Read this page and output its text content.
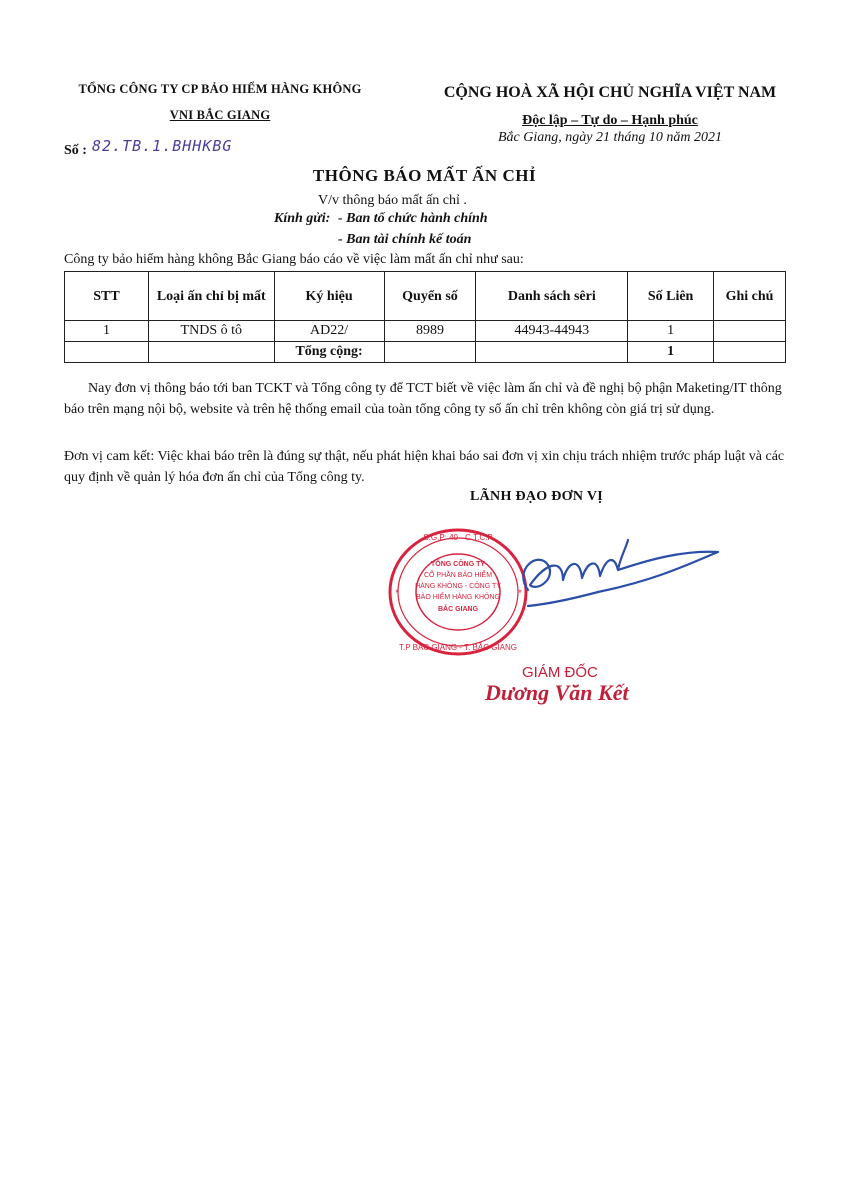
TỔNG CÔNG TY CP BẢO HIỂM HÀNG KHÔNG
VNI BẮC GIANG
Số : 82.TB.1.BHHKBG
CỘNG HOÀ XÃ HỘI CHỦ NGHĨA VIỆT NAM
Độc lập – Tự do – Hạnh phúc
Bắc Giang, ngày 21 tháng 10 năm 2021
THÔNG BÁO MẤT ẤN CHỈ
V/v thông báo mất ấn chỉ .
Kính gửi: - Ban tổ chức hành chính
- Ban tài chính kế toán
Công ty bảo hiểm hàng không Bắc Giang báo cáo về việc làm mất ấn chỉ như sau:
STT	Loại ấn chỉ bị mất	Ký hiệu	Quyển số	Danh sách sêri	Số Liên	Ghi chú
1	TNDS ô tô	AD22/	8989	44943-44943	1	
		Tổng cộng:			1	
Nay đơn vị thông báo tới ban TCKT và Tổng công ty để TCT biết về việc làm ấn chỉ và đề nghị bộ phận Maketing/IT thông báo trên mạng nội bộ, website và trên hệ thống email của toàn tổng công ty số ấn chỉ trên không còn giá trị sử dụng.
Đơn vị cam kết: Việc khai báo trên là đúng sự thật, nếu phát hiện khai báo sai đơn vị xin chịu trách nhiệm trước pháp luật và các quy định về quản lý hóa đơn ấn chỉ của Tổng công ty.
LÃNH ĐẠO ĐƠN VỊ
TỔNG CÔNG TY
CỔ PHẦN BẢO HIỂM
HÀNG KHÔNG - CÔNG TY
BẢO HIỂM HÀNG KHÔNG
BẮC GIANG
S.G.P: 40 - C.T.C.P
T.P BẮC GIANG - T. BẮC GIANG
*	*
GIÁM ĐỐC
Dương Văn Kết
